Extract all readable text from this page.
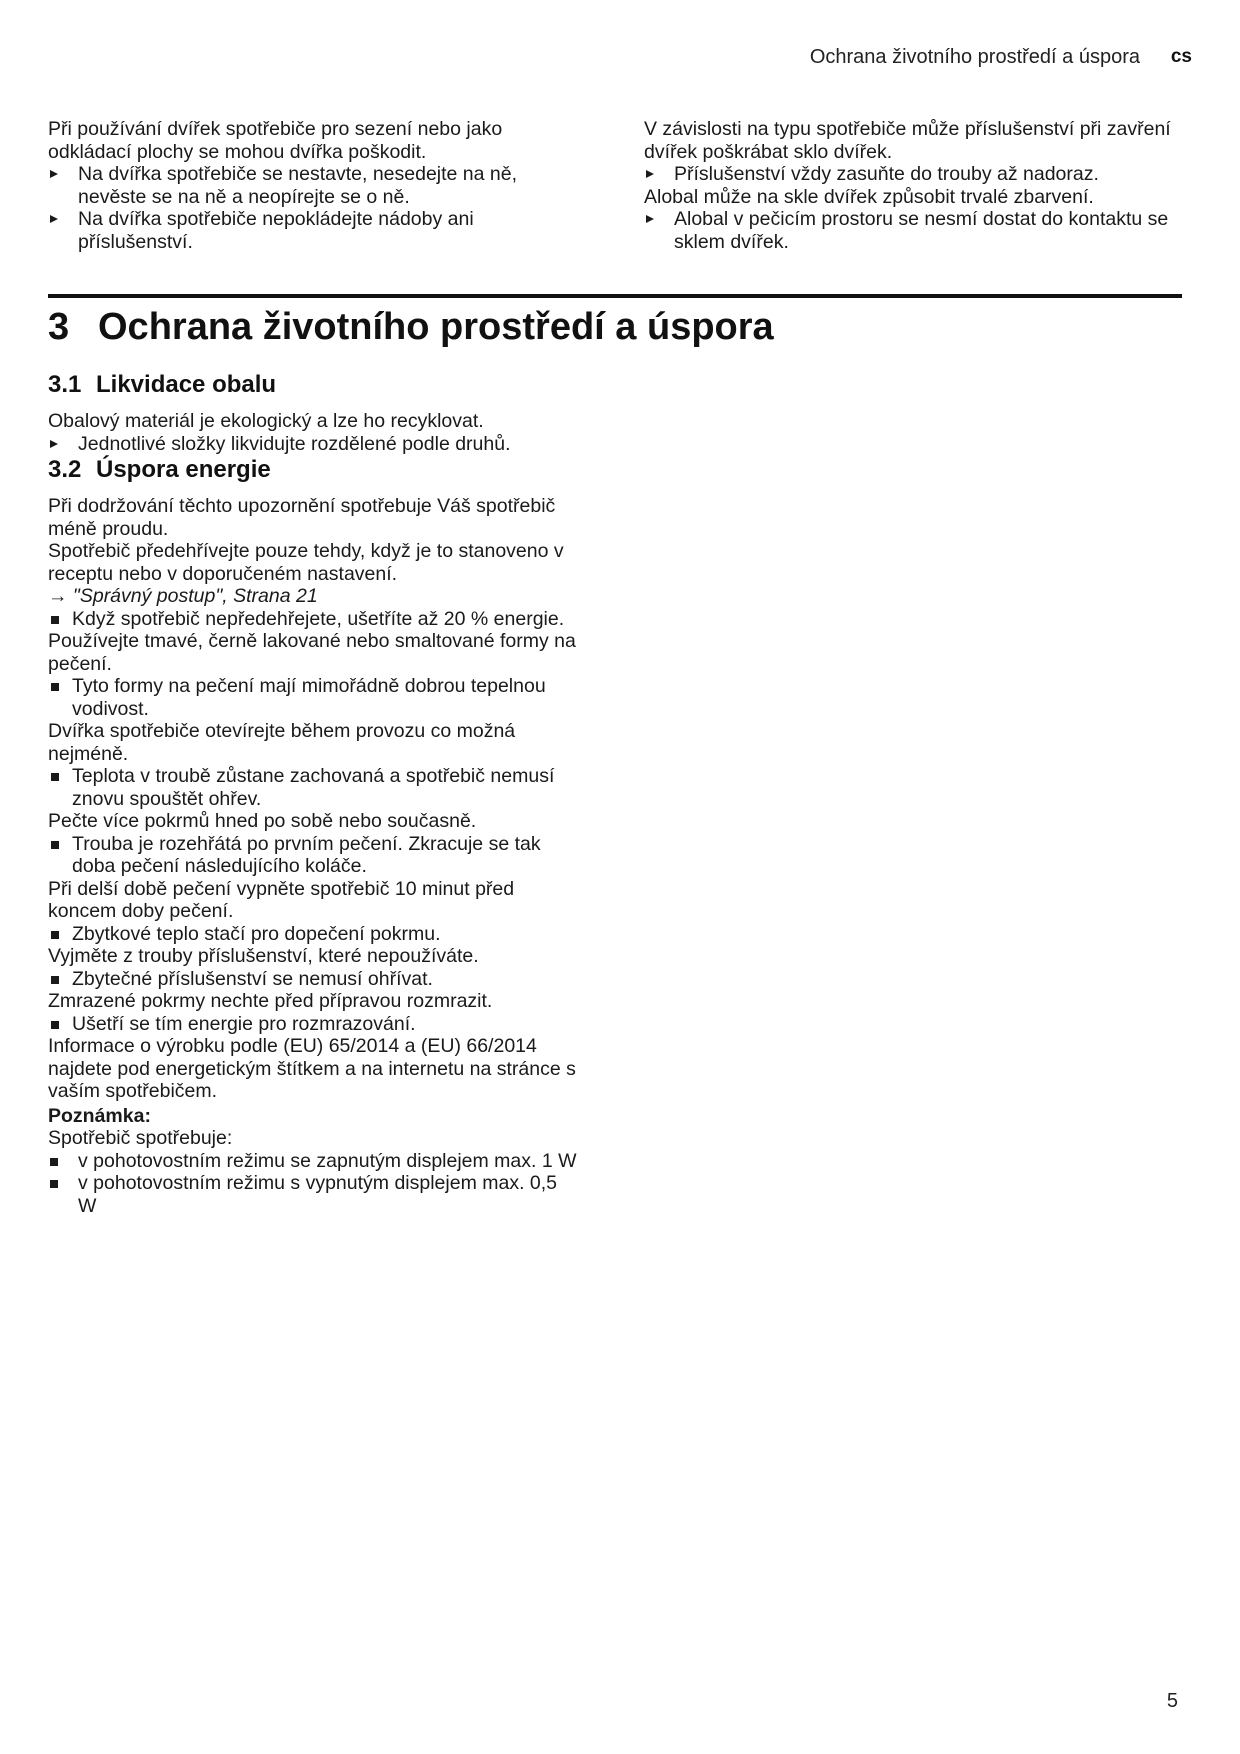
Ochrana životního prostředí a úspora cs

Při používání dvířek spotřebiče pro sezení nebo jako odkládací plochy se mohou dvířka poškodit.

Na dvířka spotřebiče se nestavte, nesedejte na ně, nevěste se na ně a neopírejte se o ně.

Na dvířka spotřebiče nepokládejte nádoby ani příslušenství.

V závislosti na typu spotřebiče může příslušenství při zavření dvířek poškrábat sklo dvířek.

Příslušenství vždy zasuňte do trouby až nadoraz.

Alobal může na skle dvířek způsobit trvalé zbarvení.

Alobal v pečicím prostoru se nesmí dostat do kontaktu se sklem dvířek.

3 Ochrana životního prostředí a úspora
3.1 Likvidace obalu

Obalový materiál je ekologický a lze ho recyklovat.

Jednotlivé složky likvidujte rozdělené podle druhů.

3.2 Úspora energie

Při dodržování těchto upozornění spotřebuje Váš spotřebič méně proudu.

Spotřebič předehřívejte pouze tehdy, když je to stanoveno v receptu nebo v doporučeném nastavení.

→ "Správný postup", Strana 21

Když spotřebič nepředehřejete, ušetříte až 20 % energie.

Používejte tmavé, černě lakované nebo smaltované formy na pečení.

Tyto formy na pečení mají mimořádně dobrou tepelnou vodivost.

Dvířka spotřebiče otevírejte během provozu co možná nejméně.

Teplota v troubě zůstane zachovaná a spotřebič nemusí znovu spouštět ohřev.

Pečte více pokrmů hned po sobě nebo současně.

Trouba je rozehřátá po prvním pečení. Zkracuje se tak doba pečení následujícího koláče.

Při delší době pečení vypněte spotřebič 10 minut před koncem doby pečení.

Zbytkové teplo stačí pro dopečení pokrmu.

Vyjměte z trouby příslušenství, které nepoužíváte.

Zbytečné příslušenství se nemusí ohřívat.

Zmrazené pokrmy nechte před přípravou rozmrazit.

Ušetří se tím energie pro rozmrazování.

Informace o výrobku podle (EU) 65/2014 a (EU) 66/2014 najdete pod energetickým štítkem a na internetu na stránce s vaším spotřebičem.

Poznámka:

Spotřebič spotřebuje:

v pohotovostním režimu se zapnutým displejem max. 1 W

v pohotovostním režimu s vypnutým displejem max. 0,5 W

5
